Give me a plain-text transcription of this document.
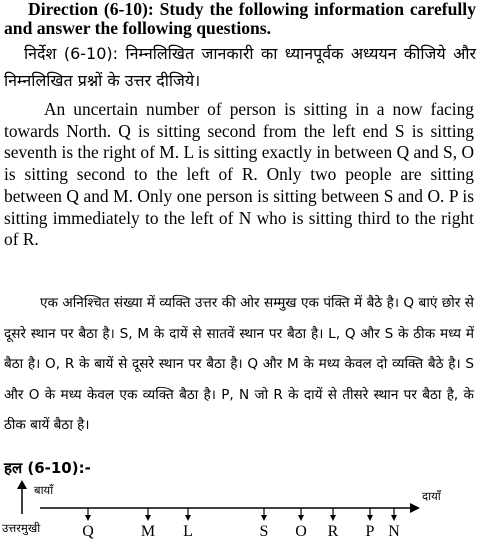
Direction (6-10): Study the following information carefully and answer the following questions.

निर्देश (6-10): निम्नलिखित जानकारी का ध्यानपूर्वक अध्ययन कीजिये और निम्नलिखित प्रश्नों के उत्तर दीजिये।

An uncertain number of person is sitting in a now facing towards North. Q is sitting second from the left end S is sitting seventh is the right of M. L is sitting exactly in between Q and S, O is sitting second to the left of R. Only two people are sitting between Q and M. Only one person is sitting between S and O. P is sitting immediately to the left of N who is sitting third to the right of R.

एक अनिश्चित संख्या में व्यक्ति उत्तर की ओर सम्मुख एक पंक्ति में बैठे है। Q बाएं छोर से दूसरे स्थान पर बैठा है। S, M के दायें से सातवें स्थान पर बैठा है। L, Q और S के ठीक मध्य में बैठा है। O, R के बायें से दूसरे स्थान पर बैठा है। Q और M के मध्य केवल दो व्यक्ति बैठे है। S और O के मध्य केवल एक व्यक्ति बैठा है। P, N जो R के दायें से तीसरे स्थान पर बैठा है, के ठीक बायें बैठा है।

हल (6-10):-

बायाँ	दायाँ
उत्तरमुखी	Q	M L	S O R P N
